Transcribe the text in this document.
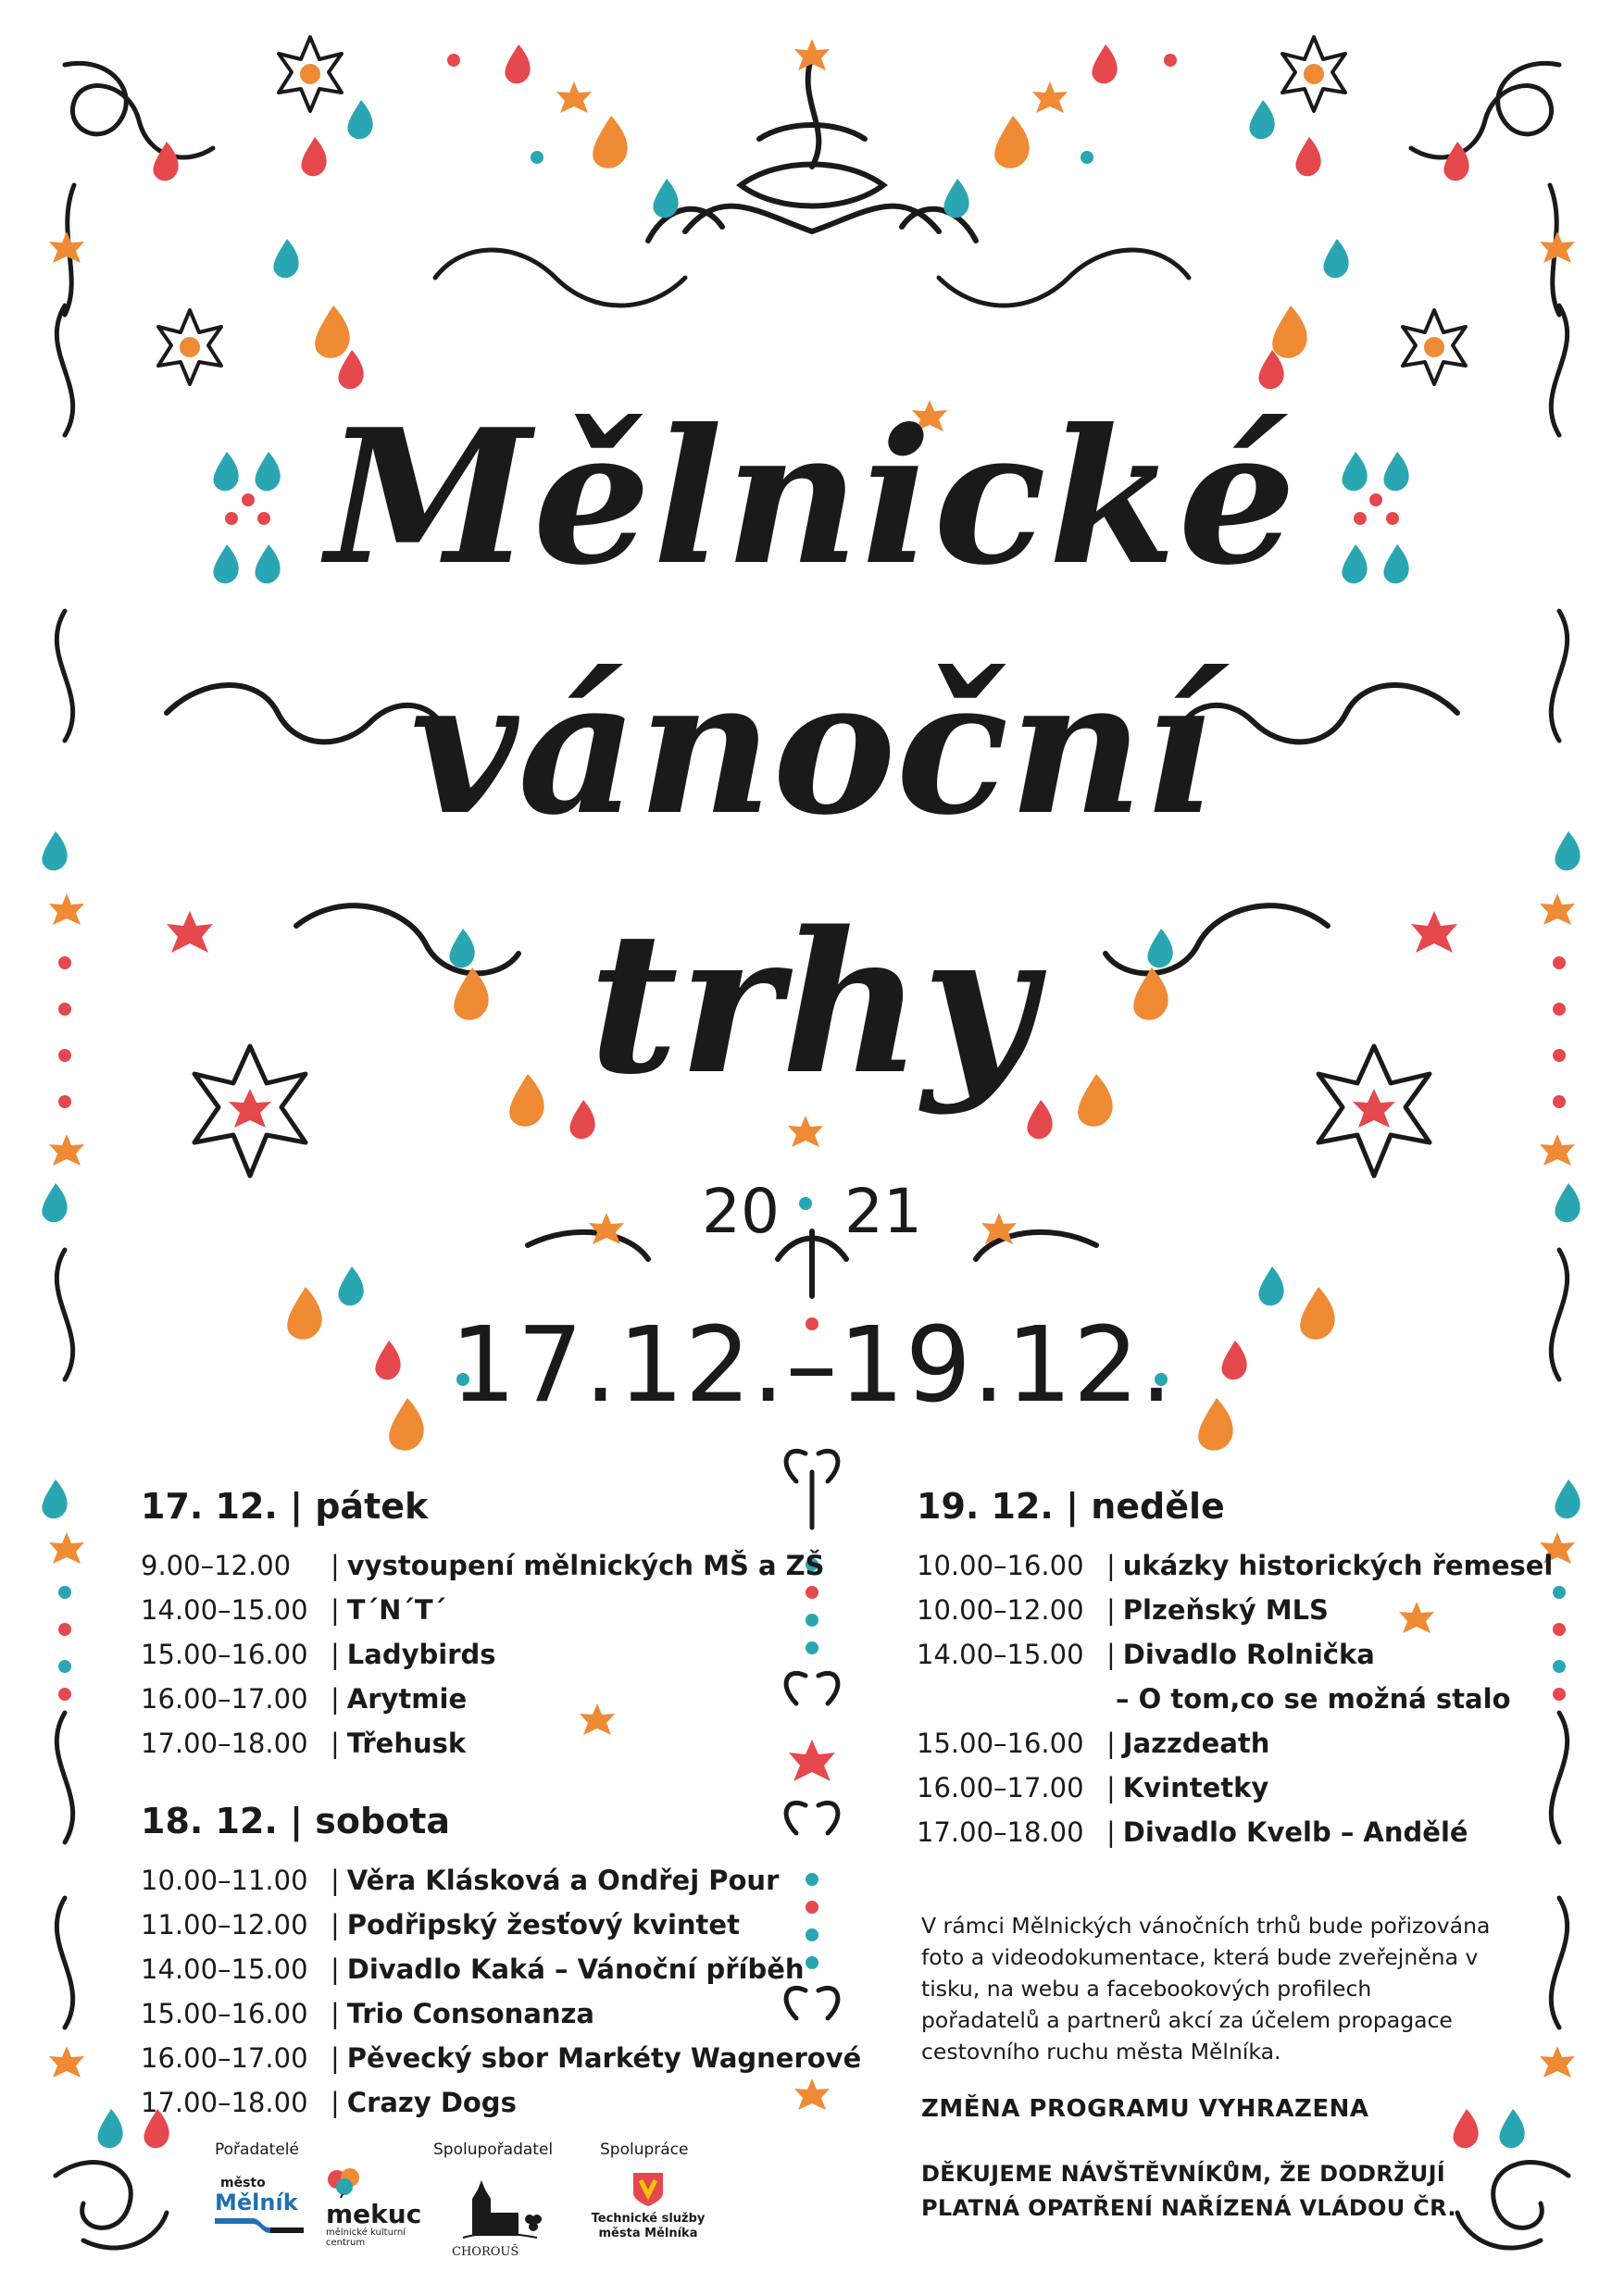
Mělnické
vánoční
trhy
20 21
17.12.–19.12.
17. 12. | pátek
9.00–12.00	| vystoupení mělnických MŠ a ZŠ
14.00–15.00 | T´N´T´
15.00–16.00 | Ladybirds
16.00–17.00 | Arytmie
17.00–18.00 | Třehusk
18. 12. | sobota
10.00–11.00 | Věra Klásková a Ondřej Pour
11.00–12.00 | Podřipský žesťový kvintet
14.00–15.00 | Divadlo Kaká – Vánoční příběh
15.00–16.00 | Trio Consonanza
16.00–17.00 | Pěvecký sbor Markéty Wagnerové
17.00–18.00 | Crazy Dogs
19. 12. | neděle
10.00–16.00 | ukázky historických řemesel
10.00–12.00 | Plzeňský MLS
14.00–15.00 | Divadlo Rolnička
– O tom,co se možná stalo
15.00–16.00 | Jazzdeath
16.00–17.00 | Kvintetky
17.00–18.00 | Divadlo Kvelb – Andělé
V rámci Mělnických vánočních trhů bude pořizována foto a videodokumentace, která bude zveřejněna v tisku, na webu a facebookových profilech pořadatelů a partnerů akcí za účelem propagace cestovního ruchu města Mělníka.
ZMĚNA PROGRAMU VYHRAZENA
DĚKUJEME NÁVŠTĚVNÍKŮM, ŽE DODRŽUJÍ
PLATNÁ OPATŘENÍ NAŘÍZENÁ VLÁDOU ČR.
Pořadatelé	Spolupořadatel	Spolupráce
město
Mělník	mekuc
mělnické kulturní
centrum
CHOROUŠ
Technické služby
města Mělníka
